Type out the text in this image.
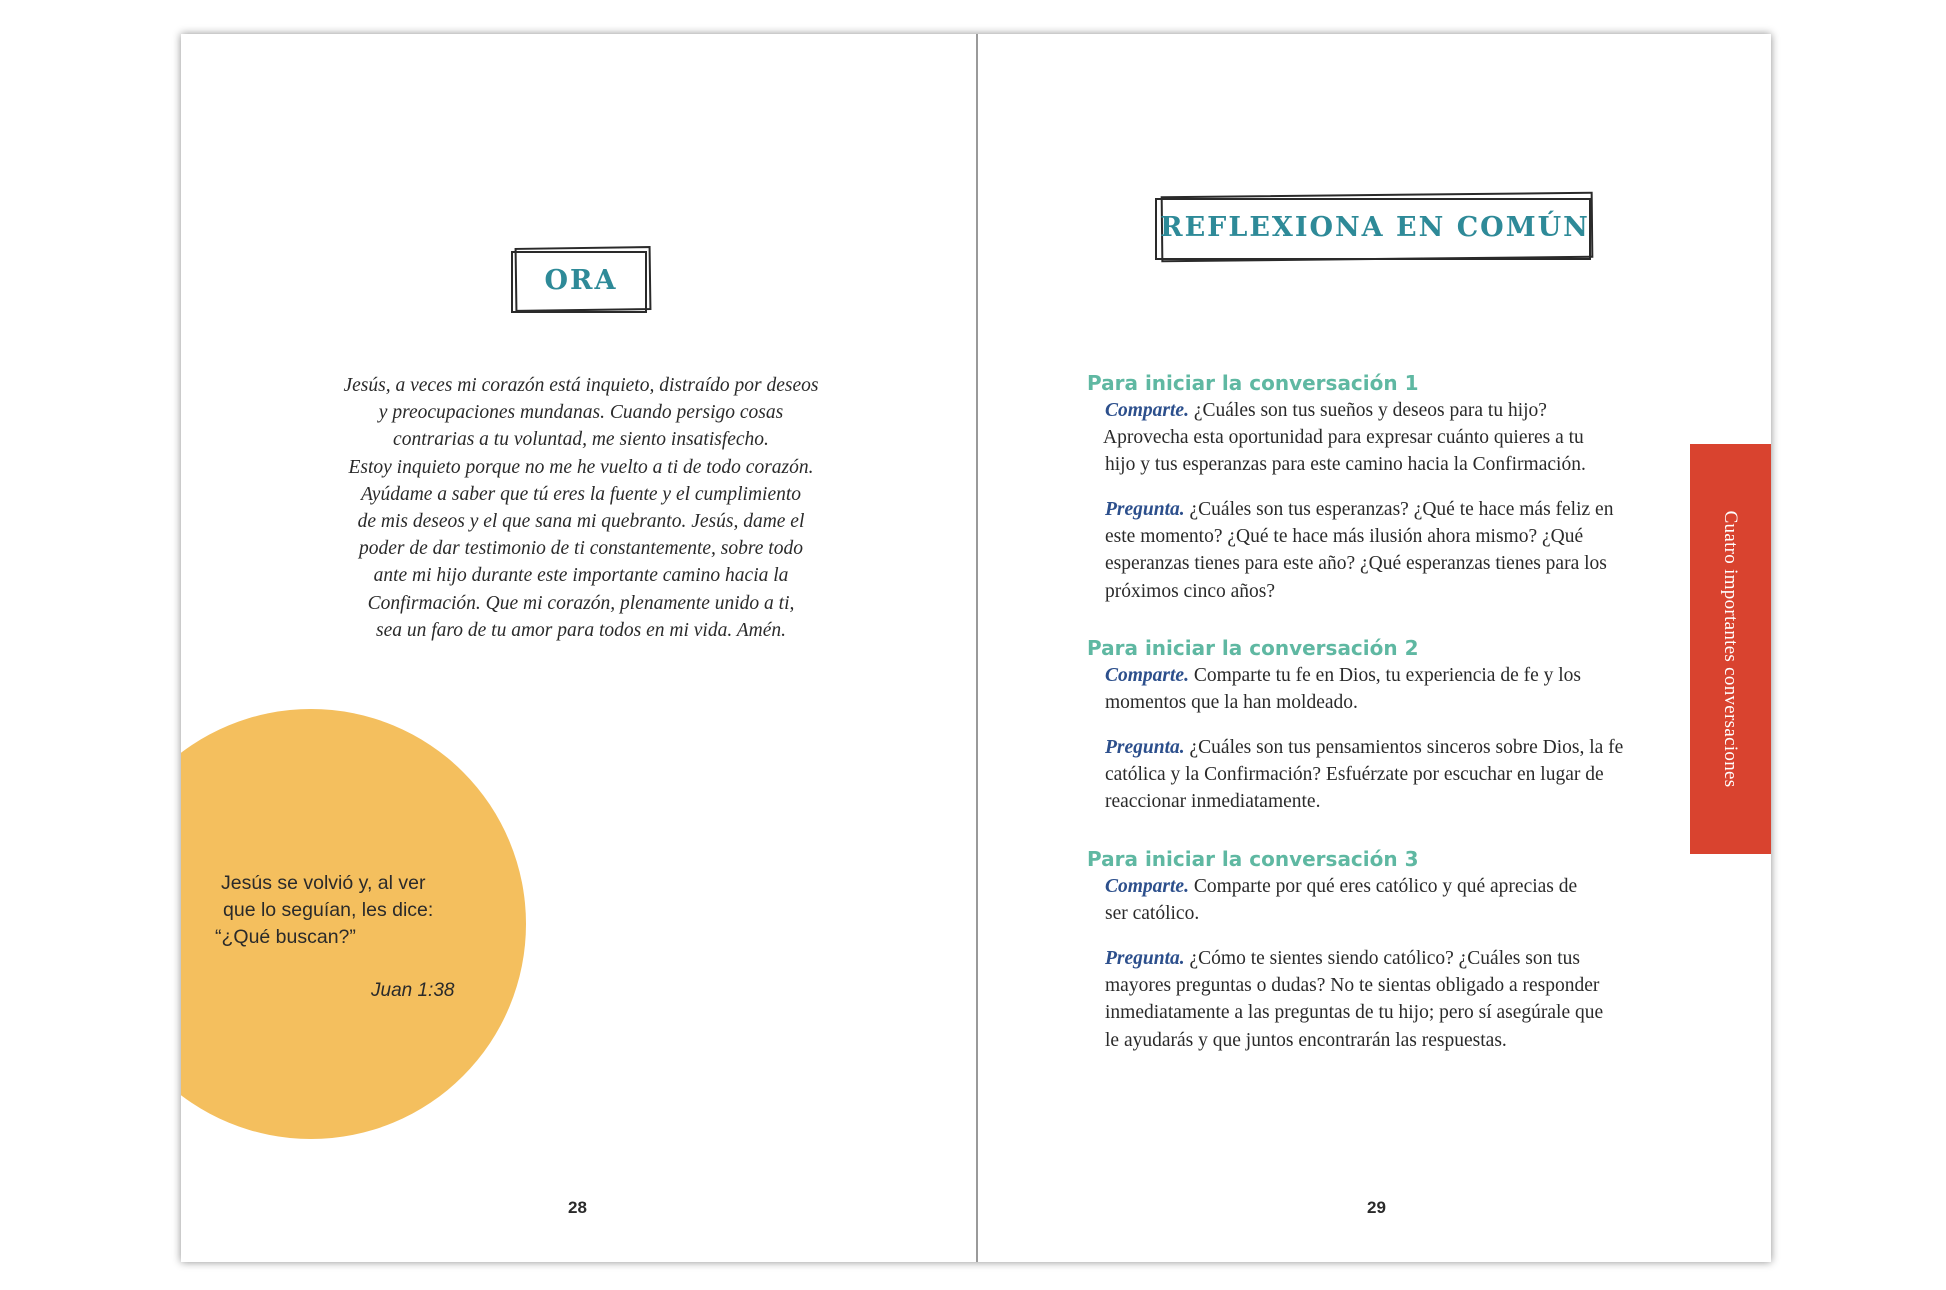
ORA
Jesús, a veces mi corazón está inquieto, distraído por deseos
y preocupaciones mundanas. Cuando persigo cosas
contrarias a tu voluntad, me siento insatisfecho.
Estoy inquieto porque no me he vuelto a ti de todo corazón.
Ayúdame a saber que tú eres la fuente y el cumplimiento
de mis deseos y el que sana mi quebranto. Jesús, dame el
poder de dar testimonio de ti constantemente, sobre todo
ante mi hijo durante este importante camino hacia la
Confirmación. Que mi corazón, plenamente unido a ti,
sea un faro de tu amor para todos en mi vida. Amén.
Jesús se volvió y, al ver
que lo seguían, les dice:
“¿Qué buscan?”
Juan 1:38
28
REFLEXIONA EN COMÚN
Para iniciar la conversación 1
Comparte. ¿Cuáles son tus sueños y deseos para tu hijo?
Aprovecha esta oportunidad para expresar cuánto quieres a tu
hijo y tus esperanzas para este camino hacia la Confirmación.
Pregunta. ¿Cuáles son tus esperanzas? ¿Qué te hace más feliz en
este momento? ¿Qué te hace más ilusión ahora mismo? ¿Qué
esperanzas tienes para este año? ¿Qué esperanzas tienes para los
próximos cinco años?
Para iniciar la conversación 2
Comparte. Comparte tu fe en Dios, tu experiencia de fe y los
momentos que la han moldeado.
Pregunta. ¿Cuáles son tus pensamientos sinceros sobre Dios, la fe
católica y la Confirmación? Esfuérzate por escuchar en lugar de
reaccionar inmediatamente.
Para iniciar la conversación 3
Comparte. Comparte por qué eres católico y qué aprecias de
ser católico.
Pregunta. ¿Cómo te sientes siendo católico? ¿Cuáles son tus
mayores preguntas o dudas? No te sientas obligado a responder
inmediatamente a las preguntas de tu hijo; pero sí asegúrale que
le ayudarás y que juntos encontrarán las respuestas.
Cuatro importantes conversaciones
29
